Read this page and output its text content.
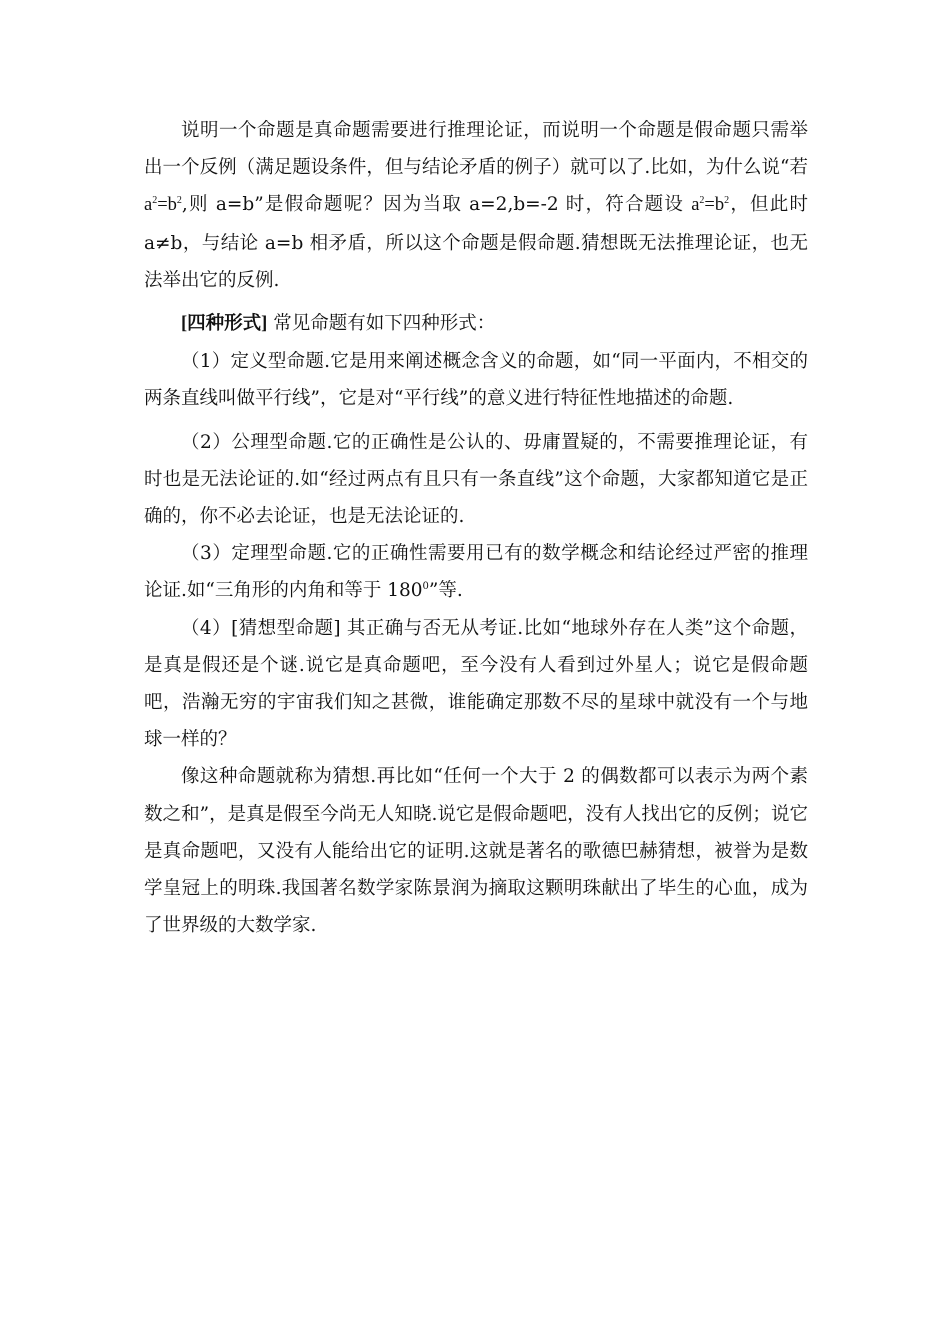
说明一个命题是真命题需要进行推理论证，而说明一个命题是假命题只需举出一个反例（满足题设条件，但与结论矛盾的例子）就可以了.比如，为什么说“若 $a^2=b^2$,则 a=b”是假命题呢？因为当取 a=2,b=-2 时，符合题设 $a^2=b^2$，但此时 a≠b，与结论 a=b 相矛盾，所以这个命题是假命题.猜想既无法推理论证，也无法举出它的反例.

[四种形式] 常见命题有如下四种形式：

（1）定义型命题.它是用来阐述概念含义的命题，如“同一平面内，不相交的两条直线叫做平行线”，它是对“平行线”的意义进行特征性地描述的命题.

（2）公理型命题.它的正确性是公认的、毋庸置疑的，不需要推理论证，有时也是无法论证的.如“经过两点有且只有一条直线”这个命题，大家都知道它是正确的，你不必去论证，也是无法论证的.

（3）定理型命题.它的正确性需要用已有的数学概念和结论经过严密的推理论证.如“三角形的内角和等于 $180^0$”等.

（4）[猜想型命题] 其正确与否无从考证.比如“地球外存在人类”这个命题，是真是假还是个谜.说它是真命题吧，至今没有人看到过外星人；说它是假命题吧，浩瀚无穷的宇宙我们知之甚微，谁能确定那数不尽的星球中就没有一个与地球一样的？

像这种命题就称为猜想.再比如“任何一个大于 2 的偶数都可以表示为两个素数之和”，是真是假至今尚无人知晓.说它是假命题吧，没有人找出它的反例；说它是真命题吧，又没有人能给出它的证明.这就是著名的歌德巴赫猜想，被誉为是数学皇冠上的明珠.我国著名数学家陈景润为摘取这颗明珠献出了毕生的心血，成为了世界级的大数学家.
